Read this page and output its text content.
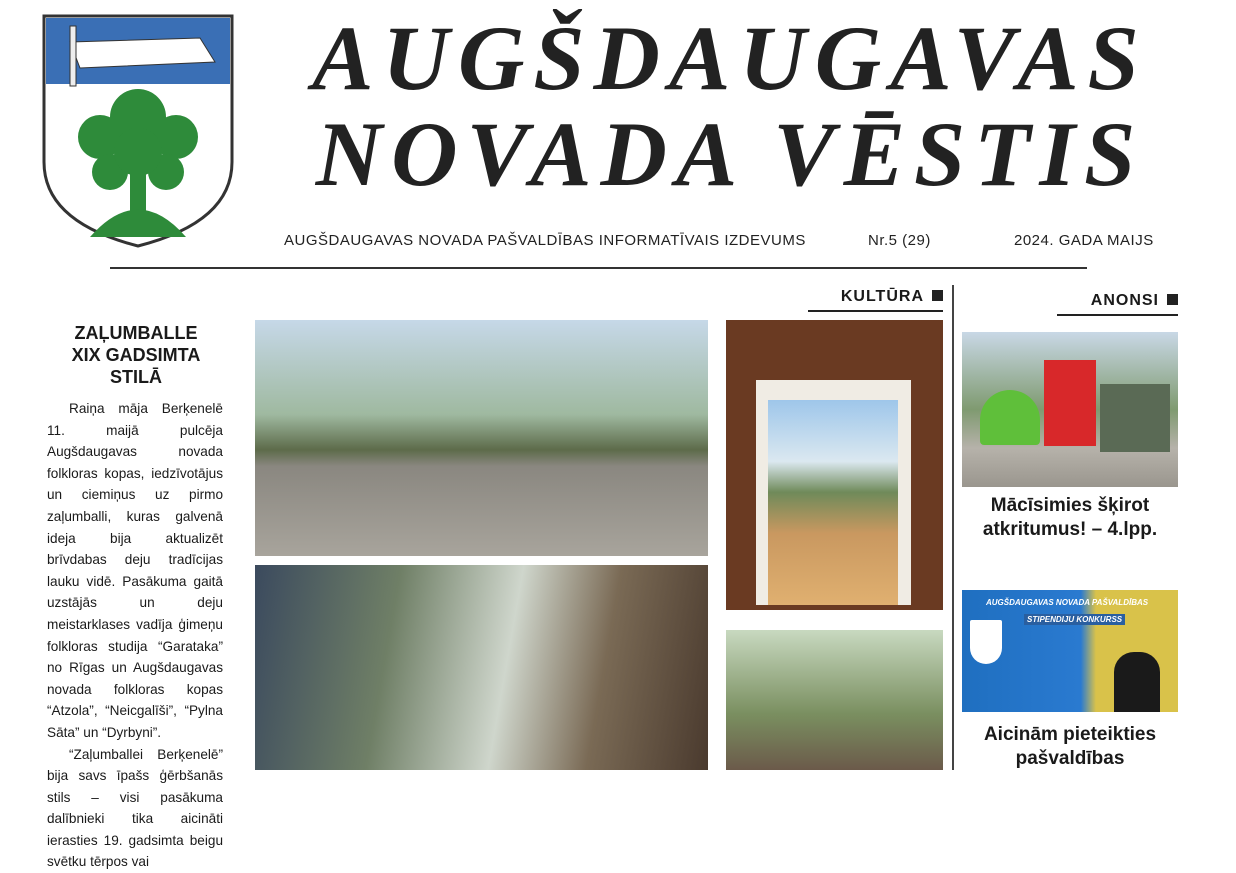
AUGŠDAUGAVAS
NOVADA VĒSTIS
AUGŠDAUGAVAS NOVADA PAŠVALDĪBAS INFORMATĪVAIS IZDEVUMS	Nr.5 (29)	2024. GADA MAIJS
ZAĻUMBALLE
XIX GADSIMTA
STILĀ

Raiņa māja Berķenelē 11. maijā pulcēja Augšdaugavas novada folkloras kopas, iedzīvotājus un ciemiņus uz pirmo zaļumballi, kuras galvenā ideja bija aktualizēt brīvdabas deju tradīcijas lauku vidē. Pasākuma gaitā uzstājās un deju meistarklases vadīja ģimeņu folkloras studija “Garataka” no Rīgas un Augšdaugavas novada folkloras kopas “Atzola”, “Neicgalīši”, “Pylna Sāta” un “Dyrbyni”.

“Zaļumballei Berķenelē” bija savs īpašs ģērbšanās stils – visi pasākuma dalībnieki tika aicināti ierasties 19. gadsimta beigu svētku tērpos vai

KULTŪRA	ANONSI
Mācīsimies šķirot atkritumus! – 4.lpp.
AUGŠDAUGAVAS NOVADA PAŠVALDĪBAS
STIPENDIJU KONKURSS
Aicinām pieteikties pašvaldības
